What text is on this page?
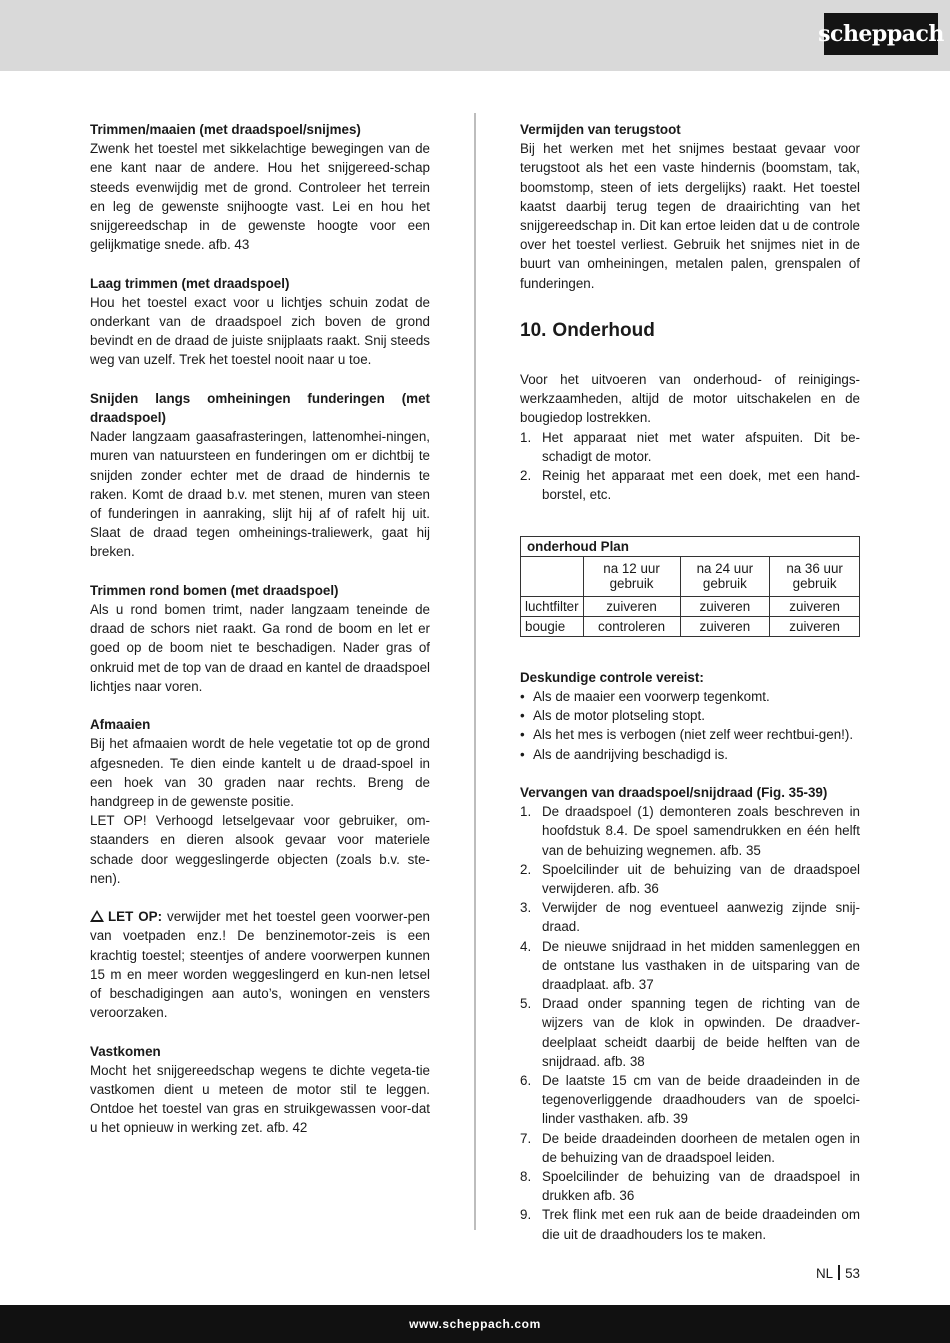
scheppach
Trimmen/maaien (met draadspoel/snijmes)
Zwenk het toestel met sikkelachtige bewegingen van de ene kant naar de andere. Hou het snijgereed-schap steeds evenwijdig met de grond. Controleer het terrein en leg de gewenste snijhoogte vast. Lei en hou het snijgereedschap in de gewenste hoogte voor een gelijkmatige snede. afb. 43
Laag trimmen (met draadspoel)
Hou het toestel exact voor u lichtjes schuin zodat de onderkant van de draadspoel zich boven de grond bevindt en de draad de juiste snijplaats raakt. Snij steeds weg van uzelf. Trek het toestel nooit naar u toe.
Snijden langs omheiningen funderingen (met draadspoel)
Nader langzaam gaasafrasteringen, lattenomhei-ningen, muren van natuursteen en funderingen om er dichtbij te snijden zonder echter met de draad de hindernis te raken. Komt de draad b.v. met stenen, muren van steen of funderingen in aanraking, slijt hij af of rafelt hij uit. Slaat de draad tegen omheinings-traliewerk, gaat hij breken.
Trimmen rond bomen (met draadspoel)
Als u rond bomen trimt, nader langzaam teneinde de draad de schors niet raakt. Ga rond de boom en let er goed op de boom niet te beschadigen. Nader gras of onkruid met de top van de draad en kantel de draadspoel lichtjes naar voren.
Afmaaien
Bij het afmaaien wordt de hele vegetatie tot op de grond afgesneden. Te dien einde kantelt u de draad-spoel in een hoek van 30 graden naar rechts. Breng de handgreep in de gewenste positie.
LET OP! Verhoogd letselgevaar voor gebruiker, om-staanders en dieren alsook gevaar voor materiele schade door weggeslingerde objecten (zoals b.v. ste-nen).
LET OP: verwijder met het toestel geen voorwer-pen van voetpaden enz.! De benzinemotor-zeis is een krachtig toestel; steentjes of andere voorwerpen kunnen 15 m en meer worden weggeslingerd en kun-nen letsel of beschadigingen aan auto’s, woningen en vensters veroorzaken.
Vastkomen
Mocht het snijgereedschap wegens te dichte vegeta-tie vastkomen dient u meteen de motor stil te leggen. Ontdoe het toestel van gras en struikgewassen voor-dat u het opnieuw in werking zet. afb. 42
Vermijden van terugstoot
Bij het werken met het snijmes bestaat gevaar voor terugstoot als het een vaste hindernis (boomstam, tak, boomstomp, steen of iets dergelijks) raakt. Het toestel kaatst daarbij terug tegen de draairichting van het snijgereedschap in. Dit kan ertoe leiden dat u de controle over het toestel verliest. Gebruik het snijmes niet in de buurt van omheiningen, metalen palen, grenspalen of funderingen.
10. Onderhoud
Voor het uitvoeren van onderhoud- of reinigings-werkzaamheden, altijd de motor uitschakelen en de bougiedop lostrekken.
1. Het apparaat niet met water afspuiten. Dit be-schadigt de motor.
2. Reinig het apparaat met een doek, met een hand-borstel, etc.
onderhoud Plan			
	na 12 uur gebruik	na 24 uur gebruik	na 36 uur gebruik
luchtfilter	zuiveren	zuiveren	zuiveren
bougie	controleren	zuiveren	zuiveren
Deskundige controle vereist:
• Als de maaier een voorwerp tegenkomt.
• Als de motor plotseling stopt.
• Als het mes is verbogen (niet zelf weer rechtbui-gen!).
• Als de aandrijving beschadigd is.
Vervangen van draadspoel/snijdraad (Fig. 35-39)
1. De draadspoel (1) demonteren zoals beschreven in hoofdstuk 8.4. De spoel samendrukken en één helft van de behuizing wegnemen. afb. 35
2. Spoelcilinder uit de behuizing van de draadspoel verwijderen. afb. 36
3. Verwijder de nog eventueel aanwezig zijnde snij-draad.
4. De nieuwe snijdraad in het midden samenleggen en de ontstane lus vasthaken in de uitsparing van de draadplaat. afb. 37
5. Draad onder spanning tegen de richting van de wijzers van de klok in opwinden. De draadver-deelplaat scheidt daarbij de beide helften van de snijdraad. afb. 38
6. De laatste 15 cm van de beide draadeinden in de tegenoverliggende draadhouders van de spoelci-linder vasthaken. afb. 39
7. De beide draadeinden doorheen de metalen ogen in de behuizing van de draadspoel leiden.
8. Spoelcilinder de behuizing van de draadspoel in drukken afb. 36
9. Trek flink met een ruk aan de beide draadeinden om die uit de draadhouders los te maken.
NL 53
www.scheppach.com
